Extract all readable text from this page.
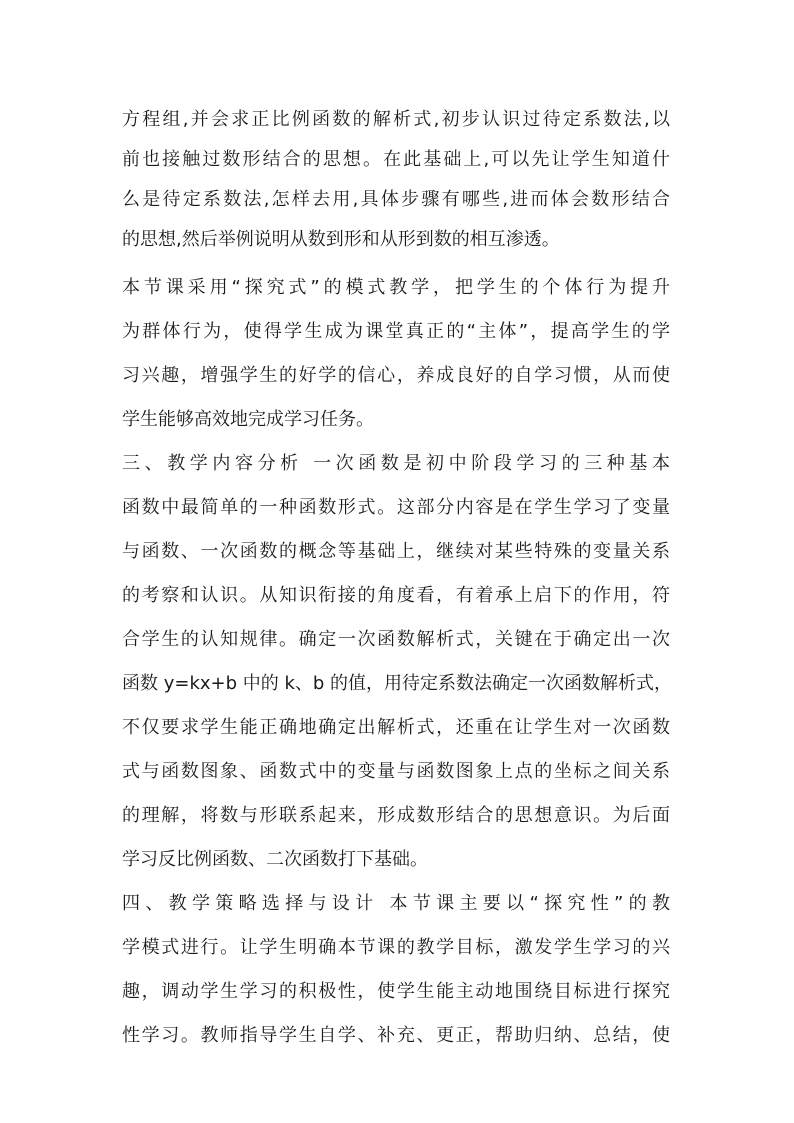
方程组,并会求正比例函数的解析式,初步认识过待定系数法,以
前也接触过数形结合的思想。在此基础上,可以先让学生知道什
么是待定系数法,怎样去用,具体步骤有哪些,进而体会数形结合
的思想,然后举例说明从数到形和从形到数的相互渗透。
本节课采用“探究式”的模式教学，把学生的个体行为提升
为群体行为，使得学生成为课堂真正的“主体”，提高学生的学
习兴趣，增强学生的好学的信心，养成良好的自学习惯，从而使
学生能够高效地完成学习任务。
三、教学内容分析 一次函数是初中阶段学习的三种基本
函数中最简单的一种函数形式。这部分内容是在学生学习了变量
与函数、一次函数的概念等基础上，继续对某些特殊的变量关系
的考察和认识。从知识衔接的角度看，有着承上启下的作用，符
合学生的认知规律。确定一次函数解析式，关键在于确定出一次
函数 y=kx+b 中的 k、b 的值，用待定系数法确定一次函数解析式，
不仅要求学生能正确地确定出解析式，还重在让学生对一次函数
式与函数图象、函数式中的变量与函数图象上点的坐标之间关系
的理解，将数与形联系起来，形成数形结合的思想意识。为后面
学习反比例函数、二次函数打下基础。
四、教学策略选择与设计 本节课主要以“探究性”的教
学模式进行。让学生明确本节课的教学目标，激发学生学习的兴
趣，调动学生学习的积极性，使学生能主动地围绕目标进行探究
性学习。教师指导学生自学、补充、更正，帮助归纳、总结，使
